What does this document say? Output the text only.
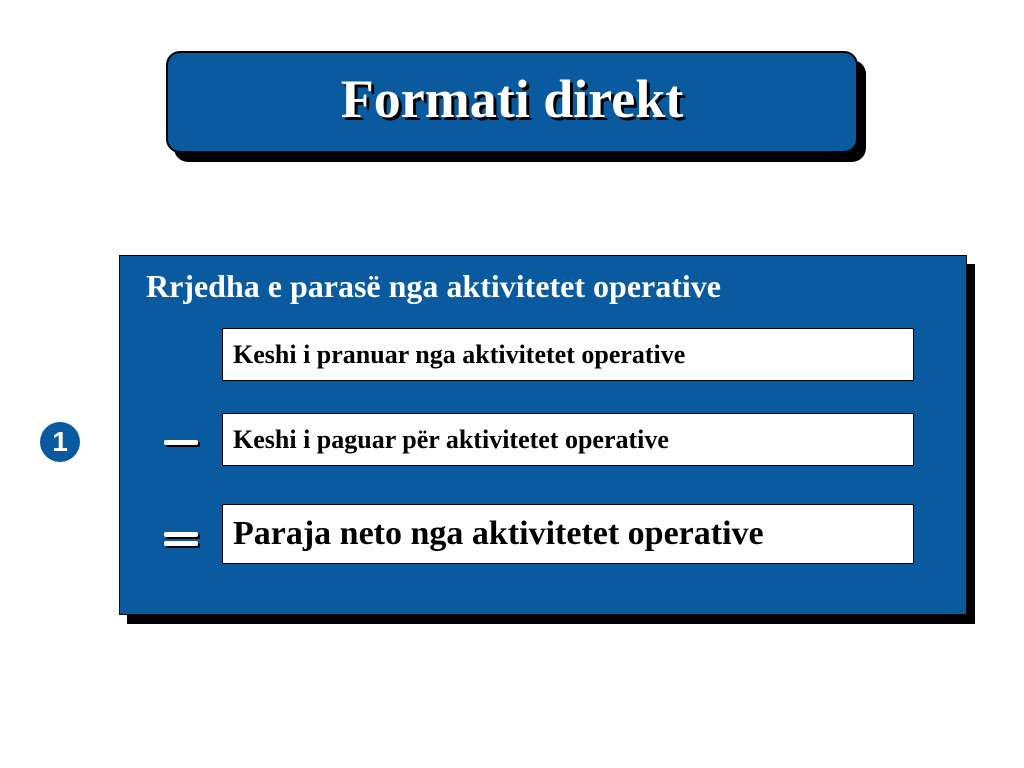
Formati direkt
1
Rrjedha e parasë nga aktivitetet operative
Keshi i pranuar nga aktivitetet operative
Keshi i paguar për aktivitetet operative
Paraja neto nga aktivitetet operative
